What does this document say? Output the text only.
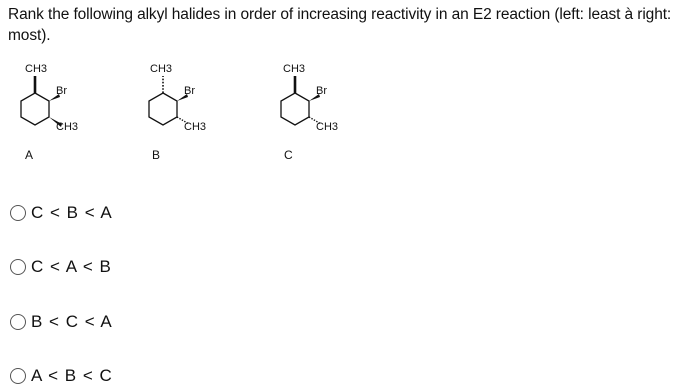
Rank the following alkyl halides in order of increasing reactivity in an E2 reaction (left: least à right: most).
CH3
Br
CH3
A
CH3
Br
CH3
B
CH3
Br
CH3
C
C < B < A
C < A < B
B < C < A
A < B < C
